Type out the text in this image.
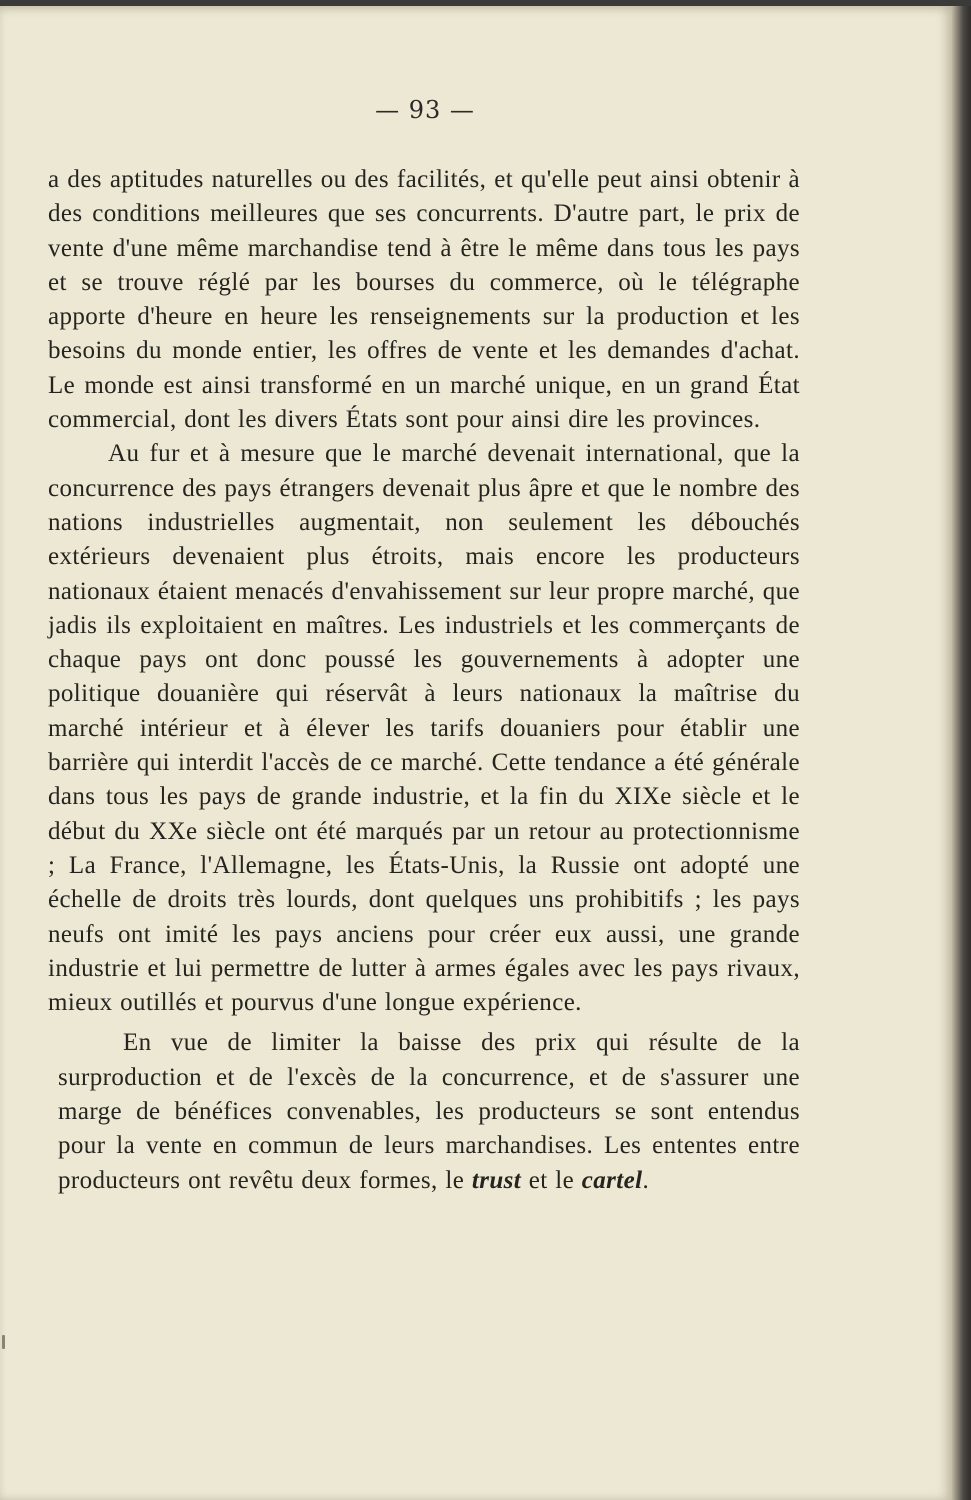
— 93 —

a des aptitudes naturelles ou des facilités, et qu'elle peut ainsi obtenir à des conditions meilleures que ses concurrents. D'autre part, le prix de vente d'une même marchandise tend à être le même dans tous les pays et se trouve réglé par les bourses du commerce, où le télégraphe apporte d'heure en heure les renseignements sur la production et les besoins du monde entier, les offres de vente et les demandes d'achat. Le monde est ainsi transformé en un marché unique, en un grand État commercial, dont les divers États sont pour ainsi dire les provinces.

Au fur et à mesure que le marché devenait international, que la concurrence des pays étrangers devenait plus âpre et que le nombre des nations industrielles augmentait, non seulement les débouchés extérieurs devenaient plus étroits, mais encore les producteurs nationaux étaient menacés d'envahissement sur leur propre marché, que jadis ils exploitaient en maîtres. Les industriels et les commerçants de chaque pays ont donc poussé les gouvernements à adopter une politique douanière qui réservât à leurs nationaux la maîtrise du marché intérieur et à élever les tarifs douaniers pour établir une barrière qui interdit l'accès de ce marché. Cette tendance a été générale dans tous les pays de grande industrie, et la fin du XIXe siècle et le début du XXe siècle ont été marqués par un retour au protectionnisme ; La France, l'Allemagne, les États-Unis, la Russie ont adopté une échelle de droits très lourds, dont quelques uns prohibitifs ; les pays neufs ont imité les pays anciens pour créer eux aussi, une grande industrie et lui permettre de lutter à armes égales avec les pays rivaux, mieux outillés et pourvus d'une longue expérience.

En vue de limiter la baisse des prix qui résulte de la surproduction et de l'excès de la concurrence, et de s'assurer une marge de bénéfices convenables, les producteurs se sont entendus pour la vente en commun de leurs marchandises. Les ententes entre producteurs ont revêtu deux formes, le trust et le cartel.
